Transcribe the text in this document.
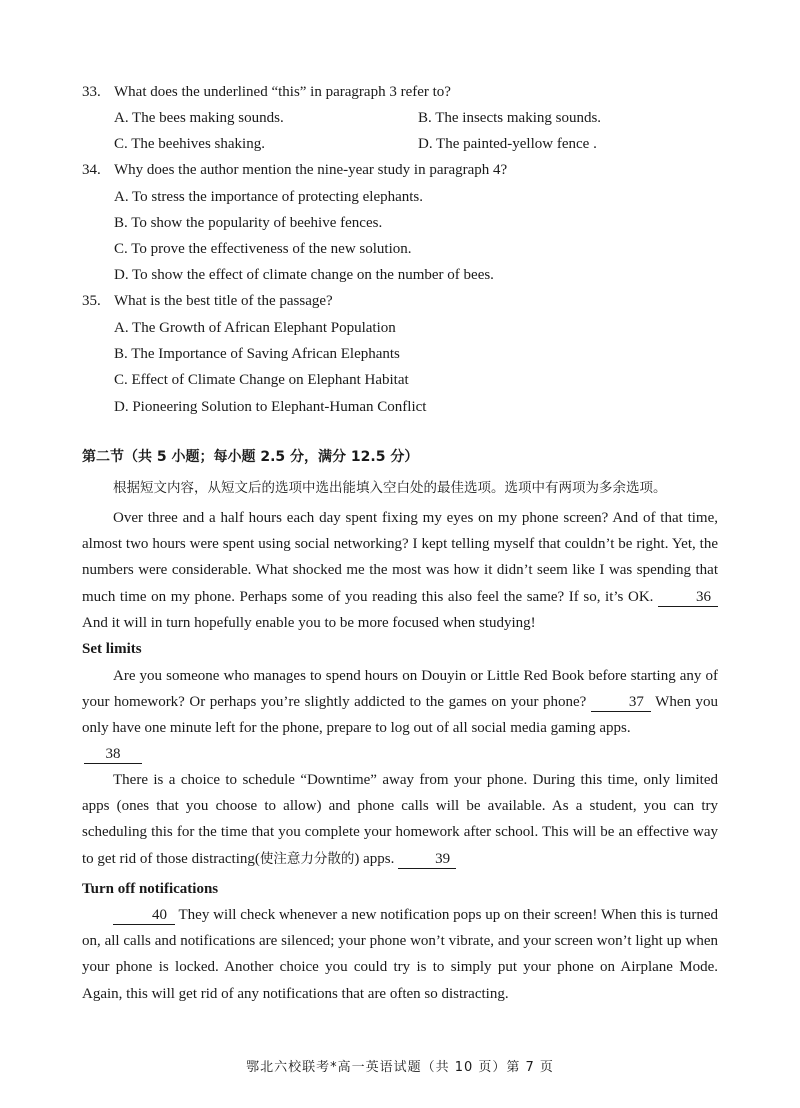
33. What does the underlined “this” in paragraph 3 refer to?
A. The bees making sounds.	B. The insects making sounds.
C. The beehives shaking.	D. The painted-yellow fence .
34. Why does the author mention the nine-year study in paragraph 4?
A. To stress the importance of protecting elephants.
B. To show the popularity of beehive fences.
C. To prove the effectiveness of the new solution.
D. To show the effect of climate change on the number of bees.
35. What is the best title of the passage?
A. The Growth of African Elephant Population
B. The Importance of Saving African Elephants
C. Effect of Climate Change on Elephant Habitat
D. Pioneering Solution to Elephant-Human Conflict
第二节（共 5 小题；每小题 2.5 分，满分 12.5 分）
根据短文内容，从短文后的选项中选出能填入空白处的最佳选项。选项中有两项为多余选项。
Over three and a half hours each day spent fixing my eyes on my phone screen? And of that time, almost two hours were spent using social networking? I kept telling myself that couldn’t be right. Yet, the numbers were considerable. What shocked me the most was how it didn’t seem like I was spending that much time on my phone. Perhaps some of you reading this also feel the same? If so, it’s OK.	36 And it will in turn hopefully enable you to be more focused when studying!
Set limits
Are you someone who manages to spend hours on Douyin or Little Red Book before starting any of your homework? Or perhaps you’re slightly addicted to the games on your phone?	37 When you only have one minute left for the phone, prepare to log out of all social media gaming apps.
38
There is a choice to schedule “Downtime” away from your phone. During this time, only limited apps (ones that you choose to allow) and phone calls will be available. As a student, you can try scheduling this for the time that you complete your homework after school. This will be an effective way to get rid of those distracting(使注意力分散的) apps.	39
Turn off notifications
40 They will check whenever a new notification pops up on their screen! When this is turned on, all calls and notifications are silenced; your phone won’t vibrate, and your screen won’t light up when your phone is locked. Another choice you could try is to simply put your phone on Airplane Mode. Again, this will get rid of any notifications that are often so distracting.
鄂北六校联考*高一英语试题（共 10 页）第 7 页
